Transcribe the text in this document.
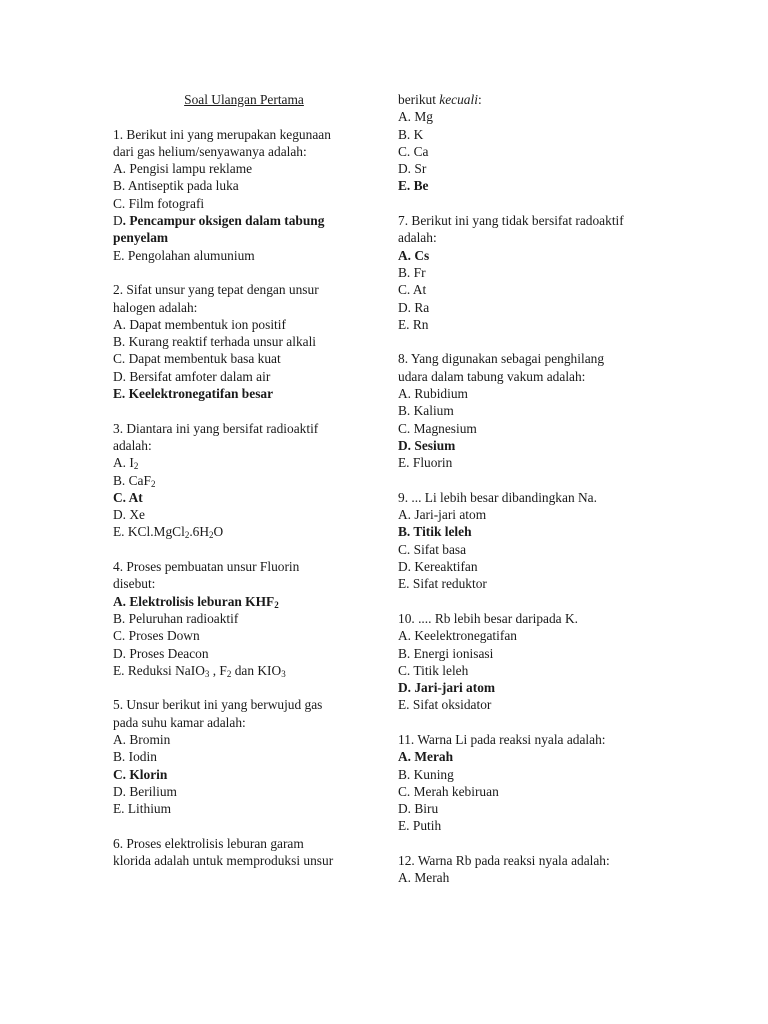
Soal Ulangan Pertama
1. Berikut ini yang merupakan kegunaan
dari gas helium/senyawanya adalah:
A. Pengisi lampu reklame
B. Antiseptik pada luka
C. Film fotografi
D. Pencampur oksigen dalam tabung
penyelam
E. Pengolahan alumunium
2. Sifat unsur yang tepat dengan unsur
halogen adalah:
A. Dapat membentuk ion positif
B. Kurang reaktif terhada unsur alkali
C. Dapat membentuk basa kuat
D. Bersifat amfoter dalam air
E. Keelektronegatifan besar
3. Diantara ini yang bersifat radioaktif
adalah:
A. $I_2$
B. CaF$_2$
C. At
D. Xe
E. $KCl.MgCl_2.6H_2O$
4. Proses pembuatan unsur Fluorin
disebut:
A. Elektrolisis leburan $KHF_2$
B. Peluruhan radioaktif
C. Proses Down
D. Proses Deacon
E. Reduksi NaIO$_3$ , $F_2$ dan $KIO_3$
5. Unsur berikut ini yang berwujud gas
pada suhu kamar adalah:
A. Bromin
B. Iodin
C. Klorin
D. Berilium
E. Lithium
6. Proses elektrolisis leburan garam
klorida adalah untuk memproduksi unsur
berikut kecuali:
A. Mg
B. K
C. Ca
D. Sr
E. Be
7. Berikut ini yang tidak bersifat radoaktif
adalah:
A. Cs
B. Fr
C. At
D. Ra
E. Rn
8. Yang digunakan sebagai penghilang
udara dalam tabung vakum adalah:
A. Rubidium
B. Kalium
C. Magnesium
D. Sesium
E. Fluorin
9. ... Li lebih besar dibandingkan Na.
A. Jari-jari atom
B. Titik leleh
C. Sifat basa
D. Kereaktifan
E. Sifat reduktor
10. .... Rb lebih besar daripada K.
A. Keelektronegatifan
B. Energi ionisasi
C. Titik leleh
D. Jari-jari atom
E. Sifat oksidator
11. Warna Li pada reaksi nyala adalah:
A. Merah
B. Kuning
C. Merah kebiruan
D. Biru
E. Putih
12. Warna Rb pada reaksi nyala adalah:
A. Merah
